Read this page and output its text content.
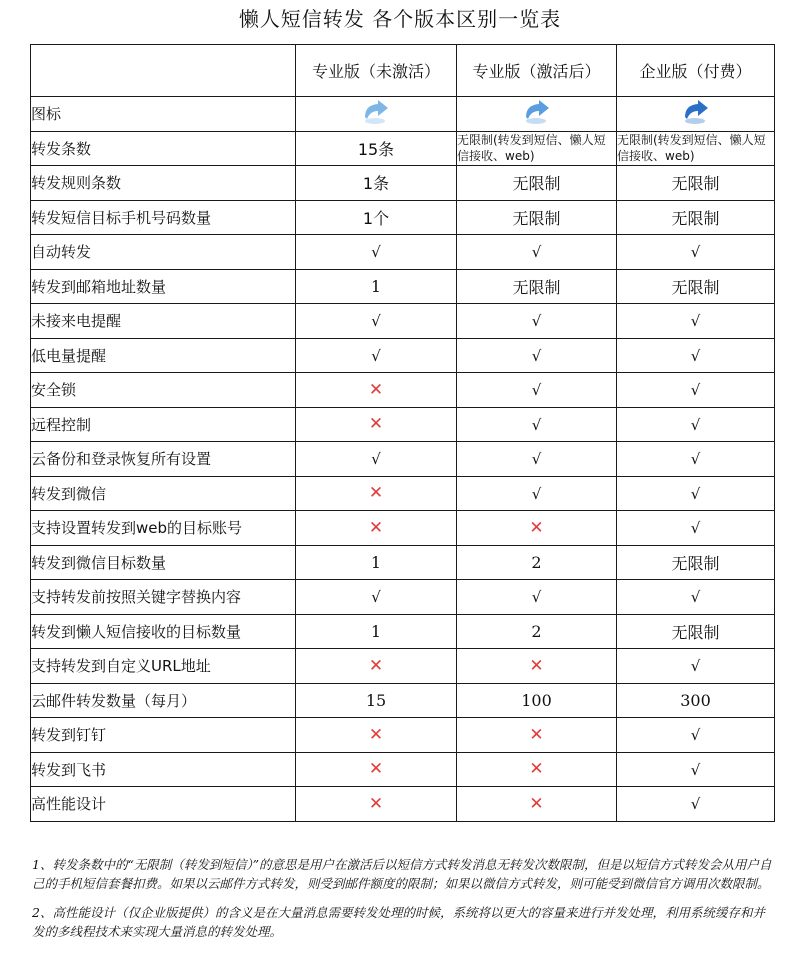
懒人短信转发 各个版本区别一览表
	专业版（未激活）	专业版（激活后）	企业版（付费）
图标			
转发条数	15条	无限制(转发到短信、懒人短信接收、web)	无限制(转发到短信、懒人短信接收、web)
转发规则条数	1条	无限制	无限制
转发短信目标手机号码数量	1个	无限制	无限制
自动转发	√	√	√
转发到邮箱地址数量	1	无限制	无限制
未接来电提醒	√	√	√
低电量提醒	√	√	√
安全锁	✕	√	√
远程控制	✕	√	√
云备份和登录恢复所有设置	√	√	√
转发到微信	✕	√	√
支持设置转发到web的目标账号	✕	✕	√
转发到微信目标数量	1	2	无限制
支持转发前按照关键字替换内容	√	√	√
转发到懒人短信接收的目标数量	1	2	无限制
支持转发到自定义URL地址	✕	✕	√
云邮件转发数量（每月）	15	100	300
转发到钉钉	✕	✕	√
转发到飞书	✕	✕	√
高性能设计	✕	✕	√

1、转发条数中的“无限制（转发到短信）”的意思是用户在激活后以短信方式转发消息无转发次数限制，但是以短信方式转发会从用户自己的手机短信套餐扣费。如果以云邮件方式转发，则受到邮件额度的限制；如果以微信方式转发，则可能受到微信官方调用次数限制。

2、高性能设计（仅企业版提供）的含义是在大量消息需要转发处理的时候，系统将以更大的容量来进行并发处理，利用系统缓存和并发的多线程技术来实现大量消息的转发处理。
